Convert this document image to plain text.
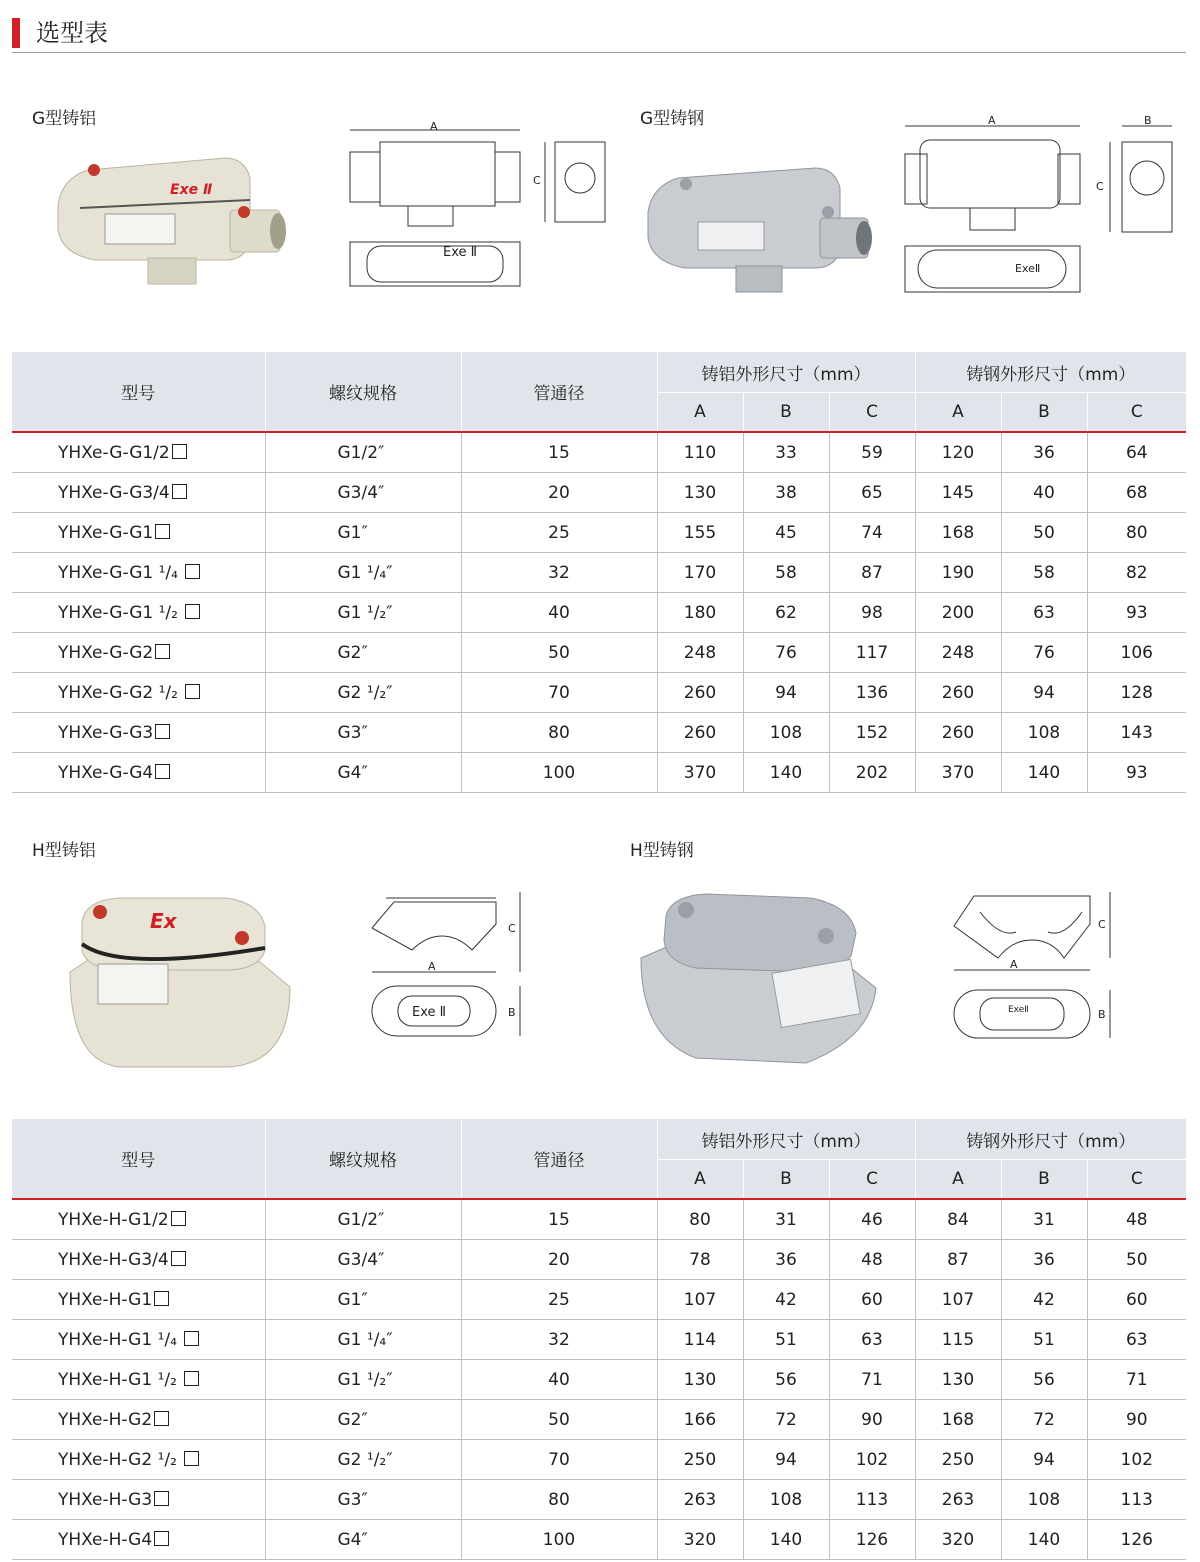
选型表
G型铸铝	G型铸钢
Exe Ⅱ
A
C
Exe Ⅱ
A	B
C
ExeⅡ
型号	螺纹规格	管通径	铸铝外形尺寸（mm）			铸钢外形尺寸（mm）		
			A	B	C	A	B	C
YHXe-G-G1/2	G1/2″	15	110	33	59	120	36	64
YHXe-G-G3/4	G3/4″	20	130	38	65	145	40	68
YHXe-G-G1	G1″	25	155	45	74	168	50	80
YHXe-G-G1 ¹/₄	G1 ¹/₄″	32	170	58	87	190	58	82
YHXe-G-G1 ¹/₂	G1 ¹/₂″	40	180	62	98	200	63	93
YHXe-G-G2	G2″	50	248	76	117	248	76	106
YHXe-G-G2 ¹/₂	G2 ¹/₂″	70	260	94	136	260	94	128
YHXe-G-G3	G3″	80	260	108	152	260	108	143
YHXe-G-G4	G4″	100	370	140	202	370	140	93
H型铸铝	H型铸钢
Ex
A
C
Exe Ⅱ	B
A
C
ExeⅡ	B
型号	螺纹规格	管通径	铸铝外形尺寸（mm）			铸钢外形尺寸（mm）		
			A	B	C	A	B	C
YHXe-H-G1/2	G1/2″	15	80	31	46	84	31	48
YHXe-H-G3/4	G3/4″	20	78	36	48	87	36	50
YHXe-H-G1	G1″	25	107	42	60	107	42	60
YHXe-H-G1 ¹/₄	G1 ¹/₄″	32	114	51	63	115	51	63
YHXe-H-G1 ¹/₂	G1 ¹/₂″	40	130	56	71	130	56	71
YHXe-H-G2	G2″	50	166	72	90	168	72	90
YHXe-H-G2 ¹/₂	G2 ¹/₂″	70	250	94	102	250	94	102
YHXe-H-G3	G3″	80	263	108	113	263	108	113
YHXe-H-G4	G4″	100	320	140	126	320	140	126
